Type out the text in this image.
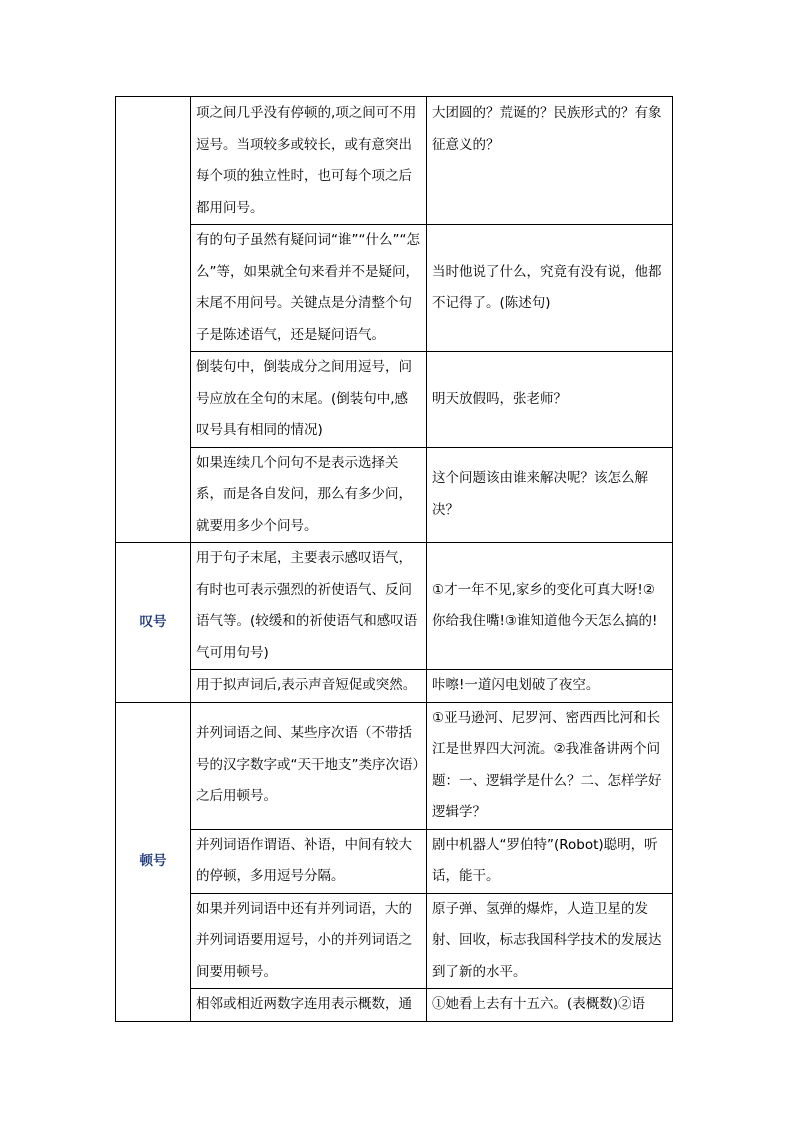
	项之间几乎没有停顿的,项之间可不用逗号。当项较多或较长，或有意突出每个项的独立性时，也可每个项之后都用问号。	大团圆的？荒诞的？民族形式的？有象征意义的？
	有的句子虽然有疑问词“谁”“什么”“怎么”等，如果就全句来看并不是疑问，末尾不用问号。关键点是分清整个句子是陈述语气，还是疑问语气。	当时他说了什么，究竟有没有说，他都不记得了。(陈述句)
	倒装句中，倒装成分之间用逗号，问号应放在全句的末尾。(倒装句中,感叹号具有相同的情况)	明天放假吗，张老师？
	如果连续几个问句不是表示选择关系，而是各自发问，那么有多少问，就要用多少个问号。	这个问题该由谁来解决呢？该怎么解决？
叹号	用于句子末尾，主要表示感叹语气，有时也可表示强烈的祈使语气、反问语气等。(较缓和的祈使语气和感叹语气可用句号)	①才一年不见,家乡的变化可真大呀!②你给我住嘴!③谁知道他今天怎么搞的!
	用于拟声词后,表示声音短促或突然。	咔嚓!一道闪电划破了夜空。
顿号	并列词语之间、某些序次语（不带括号的汉字数字或“天干地支”类序次语）之后用顿号。	①亚马逊河、尼罗河、密西西比河和长江是世界四大河流。②我准备讲两个问题：一、逻辑学是什么？二、怎样学好逻辑学？
	并列词语作谓语、补语，中间有较大的停顿，多用逗号分隔。	剧中机器人“罗伯特”(Robot)聪明，听话，能干。
	如果并列词语中还有并列词语，大的并列词语要用逗号，小的并列词语之间要用顿号。	原子弹、氢弹的爆炸，人造卫星的发射、回收，标志我国科学技术的发展达到了新的水平。
	相邻或相近两数字连用表示概数，通	①她看上去有十五六。(表概数)②语
